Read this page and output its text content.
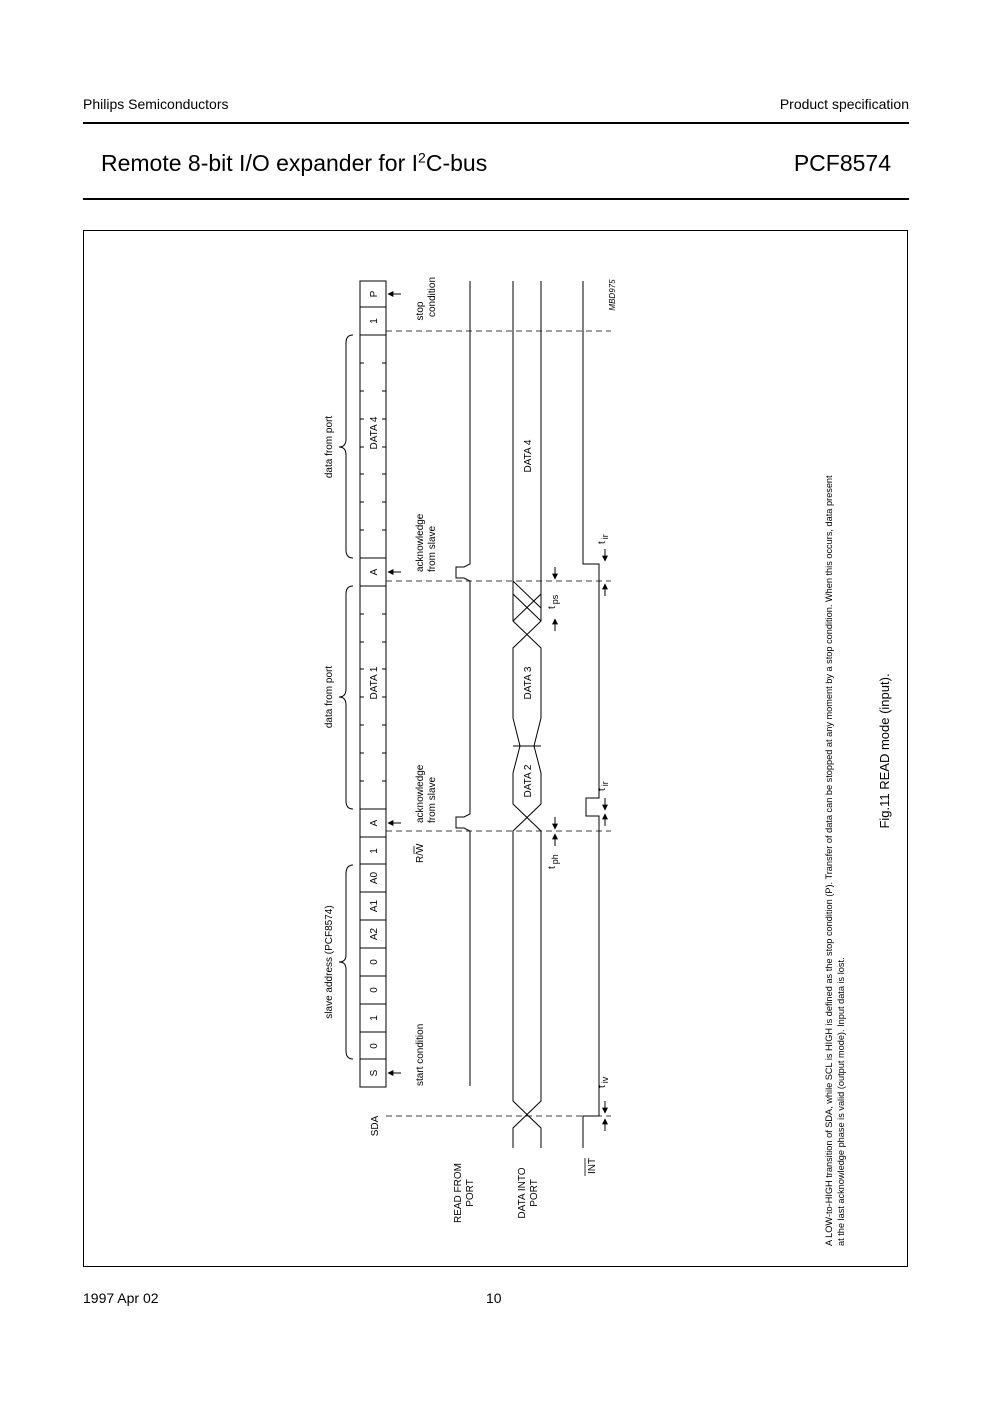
Philips Semiconductors	Product specification
Remote 8-bit I/O expander for $I^2C$-bus	PCF8574
S
0
1
0
0
A2
A1
A0
1
A
DATA 1
A
DATA 4
1
P
slave address (PCF8574)
data from port
data from port
start condition
R/W
acknowledge from slave
acknowledge from slave
stop condition
SDA
READ FROM PORT	DATA INTO PORT
INT
DATA 2
DATA 3
DATA 4
tiv
tph
tir
tps
tir
MBD975
Fig.11 READ mode (input).
A LOW-to-HIGH transition of SDA, while SCL is HIGH is defined as the stop condition (P). Transfer of data can be stopped at any moment by a stop condition. When this occurs, data present at the last acknowledge phase is valid (output mode). Input data is lost.
1997 Apr 02	10
